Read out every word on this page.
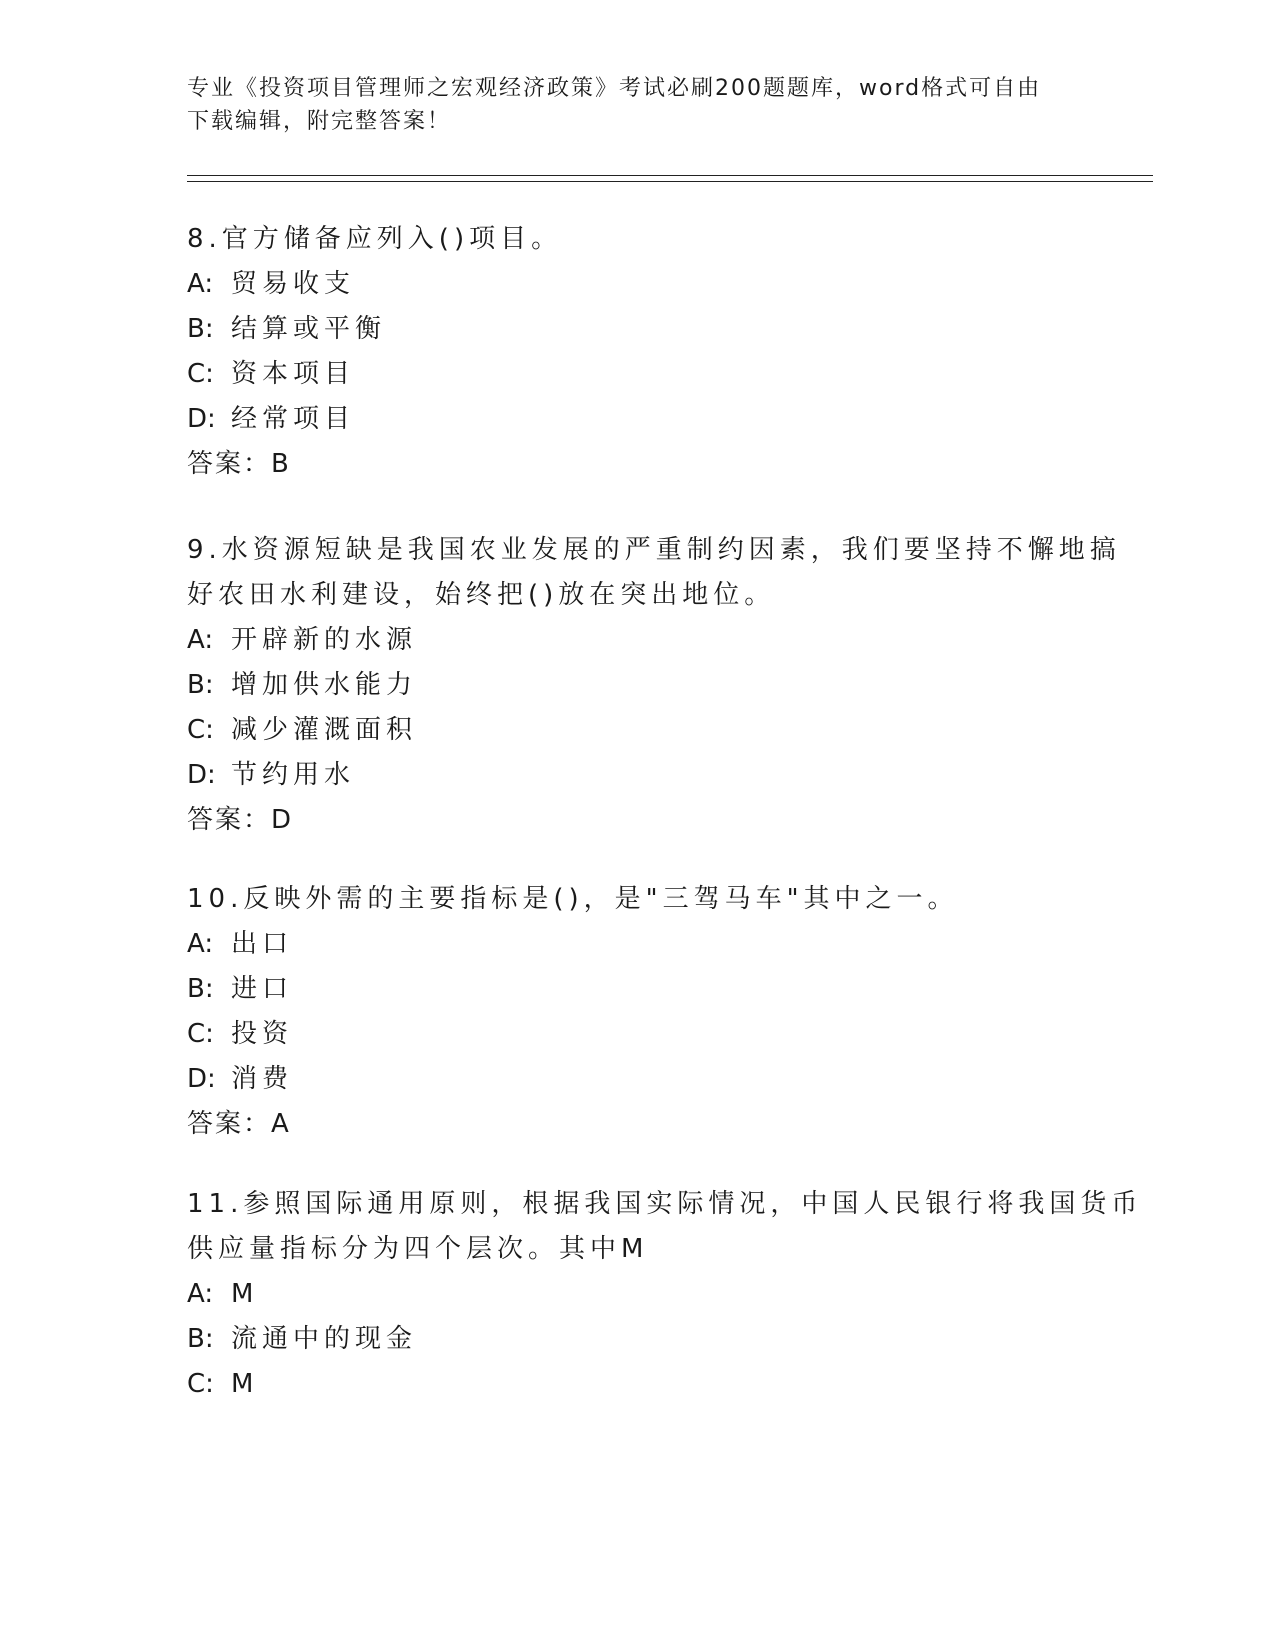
专业《投资项目管理师之宏观经济政策》考试必刷200题题库，word格式可自由
下载编辑，附完整答案！
8.官方储备应列入()项目。
A: 贸易收支
B: 结算或平衡
C: 资本项目
D: 经常项目
答案：B
9.水资源短缺是我国农业发展的严重制约因素，我们要坚持不懈地搞
好农田水利建设，始终把()放在突出地位。
A: 开辟新的水源
B: 增加供水能力
C: 减少灌溉面积
D: 节约用水
答案：D
10.反映外需的主要指标是()，是"三驾马车"其中之一。
A: 出口
B: 进口
C: 投资
D: 消费
答案：A
11.参照国际通用原则，根据我国实际情况，中国人民银行将我国货币
供应量指标分为四个层次。其中M
A: M
B: 流通中的现金
C: M
